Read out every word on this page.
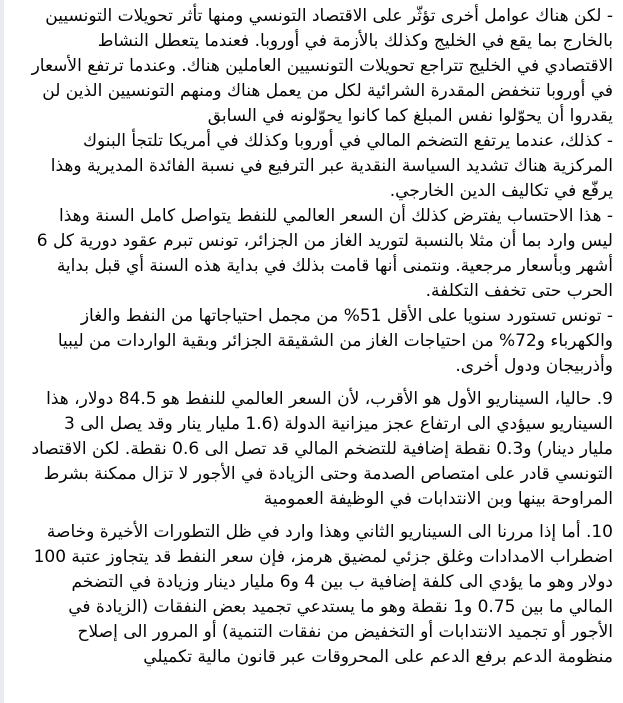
- لكن هناك عوامل أخرى تؤثّر على الاقتصاد التونسي ومنها تأثر تحويلات التونسيين بالخارج بما يقع في الخليج وكذلك بالأزمة في أوروبا. فعندما يتعطل النشاط الاقتصادي في الخليج تتراجع تحويلات التونسيين العاملين هناك. وعندما ترتفع الأسعار في أوروبا تنخفض المقدرة الشرائية لكل من يعمل هناك ومنهم التونسيين الذين لن يقدروا أن يحوّلوا نفس المبلغ كما كانوا يحوّلونه في السابق

- كذلك، عندما يرتفع التضخم المالي في أوروبا وكذلك في أمريكا تلتجأ البنوك المركزية هناك تشديد السياسة النقدية عبر الترفيع في نسبة الفائدة المديرية وهذا يرفّع في تكاليف الدين الخارجي.

- هذا الاحتساب يفترض كذلك أن السعر العالمي للنفط يتواصل كامل السنة وهذا ليس وارد بما أن مثلا بالنسبة لتوريد الغاز من الجزائر، تونس تبرم عقود دورية كل 6 أشهر وبأسعار مرجعية. ونتمنى أنها قامت بذلك في بداية هذه السنة أي قبل بداية الحرب حتى تخفف التكلفة.

- تونس تستورد سنويا على الأقل 51% من مجمل احتياجاتها من النفط والغاز والكهرباء و72% من احتياجات الغاز من الشقيقة الجزائر وبقية الواردات من ليبيا وأذربيجان ودول أخرى.

9. حاليا، السيناريو الأول هو الأقرب، لأن السعر العالمي للنفط هو 84.5 دولار، هذا السيناريو سيؤدي الى ارتفاع عجز ميزانية الدولة (1.6 مليار ينار وقد يصل الى 3 مليار دينار) و0.3 نقطة إضافية للتضخم المالي قد تصل الى 0.6 نقطة. لكن الاقتصاد التونسي قادر على امتصاص الصدمة وحتى الزيادة في الأجور لا تزال ممكنة بشرط المراوحة بينها وبن الانتدابات في الوظيفة العمومية

10. أما إذا مررنا الى السيناريو الثاني وهذا وارد في ظل التطورات الأخيرة وخاصة اضطراب الامدادات وغلق جزئي لمضيق هرمز، فإن سعر النفط قد يتجاوز عتبة 100 دولار وهو ما يؤدي الى كلفة إضافية ب بين 4 و6 مليار دينار وزيادة في التضخم المالي ما بين 0.75 و1 نقطة وهو ما يستدعي تجميد بعض النفقات (الزيادة في الأجور أو تجميد الانتدابات أو التخفيض من نفقات التنمية) أو المرور الى إصلاح منظومة الدعم برفع الدعم على المحروقات عبر قانون مالية تكميلي
